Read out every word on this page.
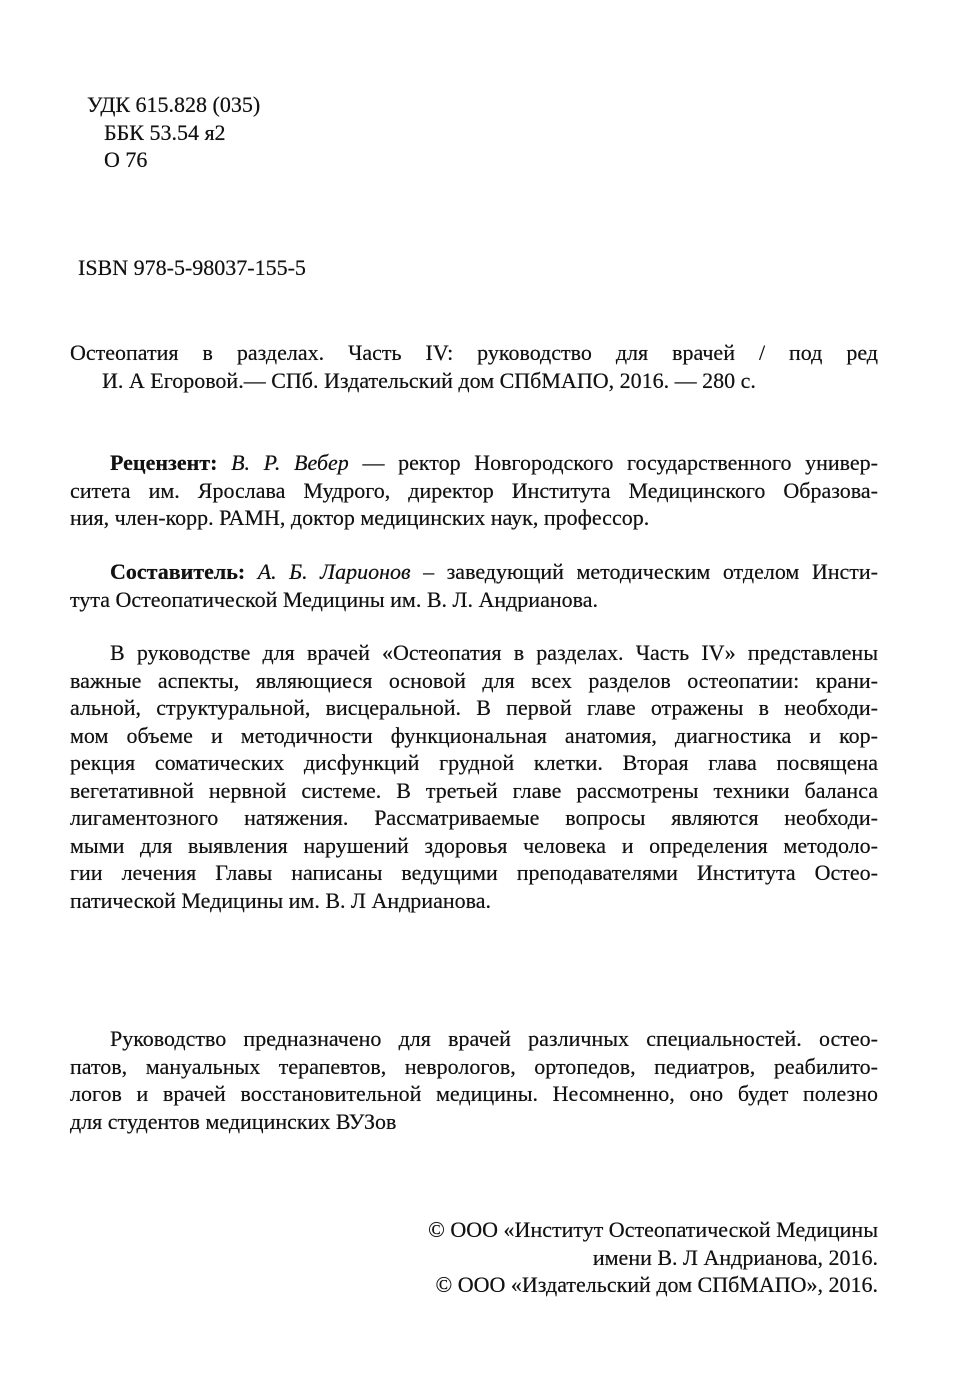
УДК 615.828 (035)
ББК 53.54 я2
О 76
ISBN 978-5-98037-155-5
Остеопатия в разделах. Часть IV: руководство для врачей / под ред
И. А Егоровой.— СПб. Издательский дом СПбМАПО, 2016. — 280 с.
Рецензент: В. Р. Вебер — ректор Новгородского государственного универ-
ситета им. Ярослава Мудрого, директор Института Медицинского Образова-
ния, член-корр. РАМН, доктор медицинских наук, профессор.
Составитель: А. Б. Ларионов – заведующий методическим отделом Инсти-
тута Остеопатической Медицины им. В. Л. Андрианова.
В руководстве для врачей «Остеопатия в разделах. Часть IV» представлены
важные аспекты, являющиеся основой для всех разделов остеопатии: крани-
альной, структуральной, висцеральной. В первой главе отражены в необходи-
мом объеме и методичности функциональная анатомия, диагностика и кор-
рекция соматических дисфункций грудной клетки. Вторая глава посвящена
вегетативной нервной системе. В третьей главе рассмотрены техники баланса
лигаментозного натяжения. Рассматриваемые вопросы являются необходи-
мыми для выявления нарушений здоровья человека и определения методоло-
гии лечения Главы написаны ведущими преподавателями Института Остео-
патической Медицины им. В. Л Андрианова.
Руководство предназначено для врачей различных специальностей. остео-
патов, мануальных терапевтов, неврологов, ортопедов, педиатров, реабилито-
логов и врачей восстановительной медицины. Несомненно, оно будет полезно
для студентов медицинских ВУЗов
© ООО «Институт Остеопатической Медицины
имени В. Л Андрианова, 2016.
© ООО «Издательский дом СПбМАПО», 2016.
